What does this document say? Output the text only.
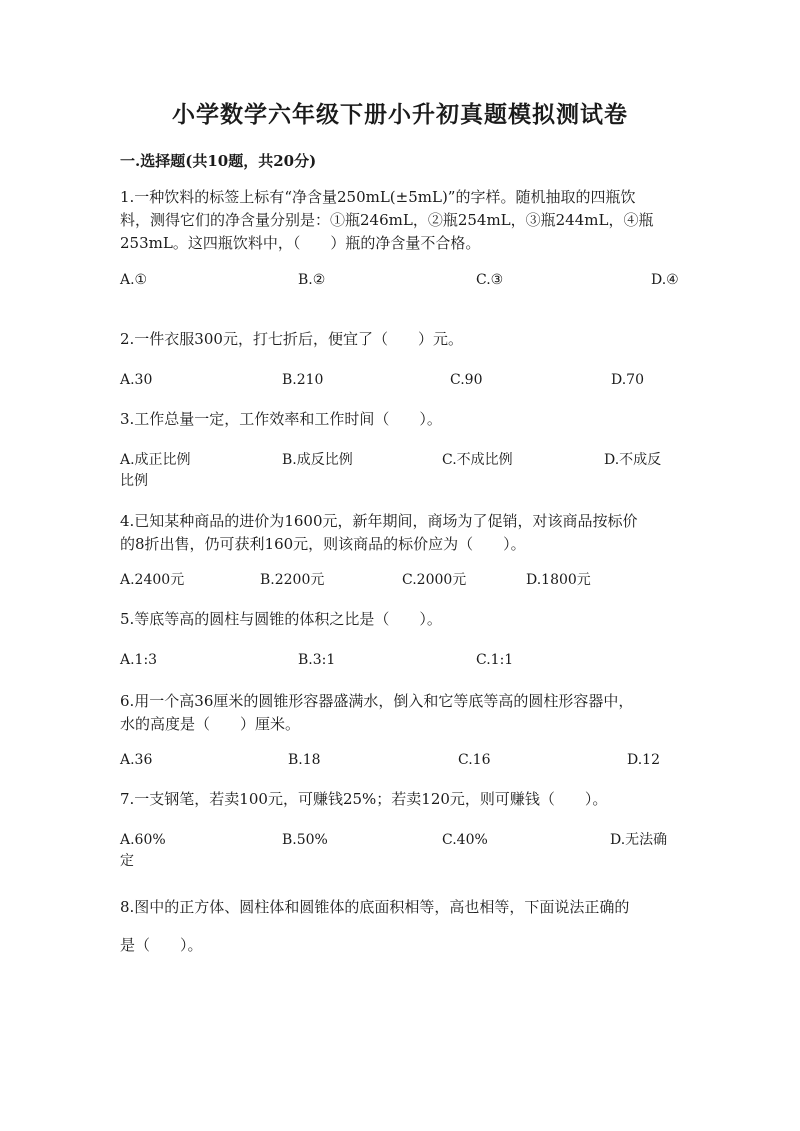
小学数学六年级下册小升初真题模拟测试卷
一.选择题(共10题，共20分)
1.一种饮料的标签上标有“净含量250mL(±5mL)”的字样。随机抽取的四瓶饮
料，测得它们的净含量分别是：①瓶246mL，②瓶254mL，③瓶244mL，④瓶
253mL。这四瓶饮料中，（　　）瓶的净含量不合格。
A.①	B.②	C.③	D.④
2.一件衣服300元，打七折后，便宜了（　　）元。
A.30	B.210	C.90	D.70
3.工作总量一定，工作效率和工作时间（　　）。
A.成正比例	B.成反比例	C.不成比例	D.不成反
比例
4.已知某种商品的进价为1600元，新年期间，商场为了促销，对该商品按标价
的8折出售，仍可获利160元，则该商品的标价应为（　　）。
A.2400元	B.2200元	C.2000元	D.1800元
5.等底等高的圆柱与圆锥的体积之比是（　　）。
A.1:3	B.3:1	C.1:1
6.用一个高36厘米的圆锥形容器盛满水，倒入和它等底等高的圆柱形容器中，
水的高度是（　　）厘米。
A.36	B.18	C.16	D.12
7.一支钢笔，若卖100元，可赚钱25%；若卖120元，则可赚钱（　　）。
A.60%	B.50%	C.40%	D.无法确
定
8.图中的正方体、圆柱体和圆锥体的底面积相等，高也相等，下面说法正确的
是（　　）。
